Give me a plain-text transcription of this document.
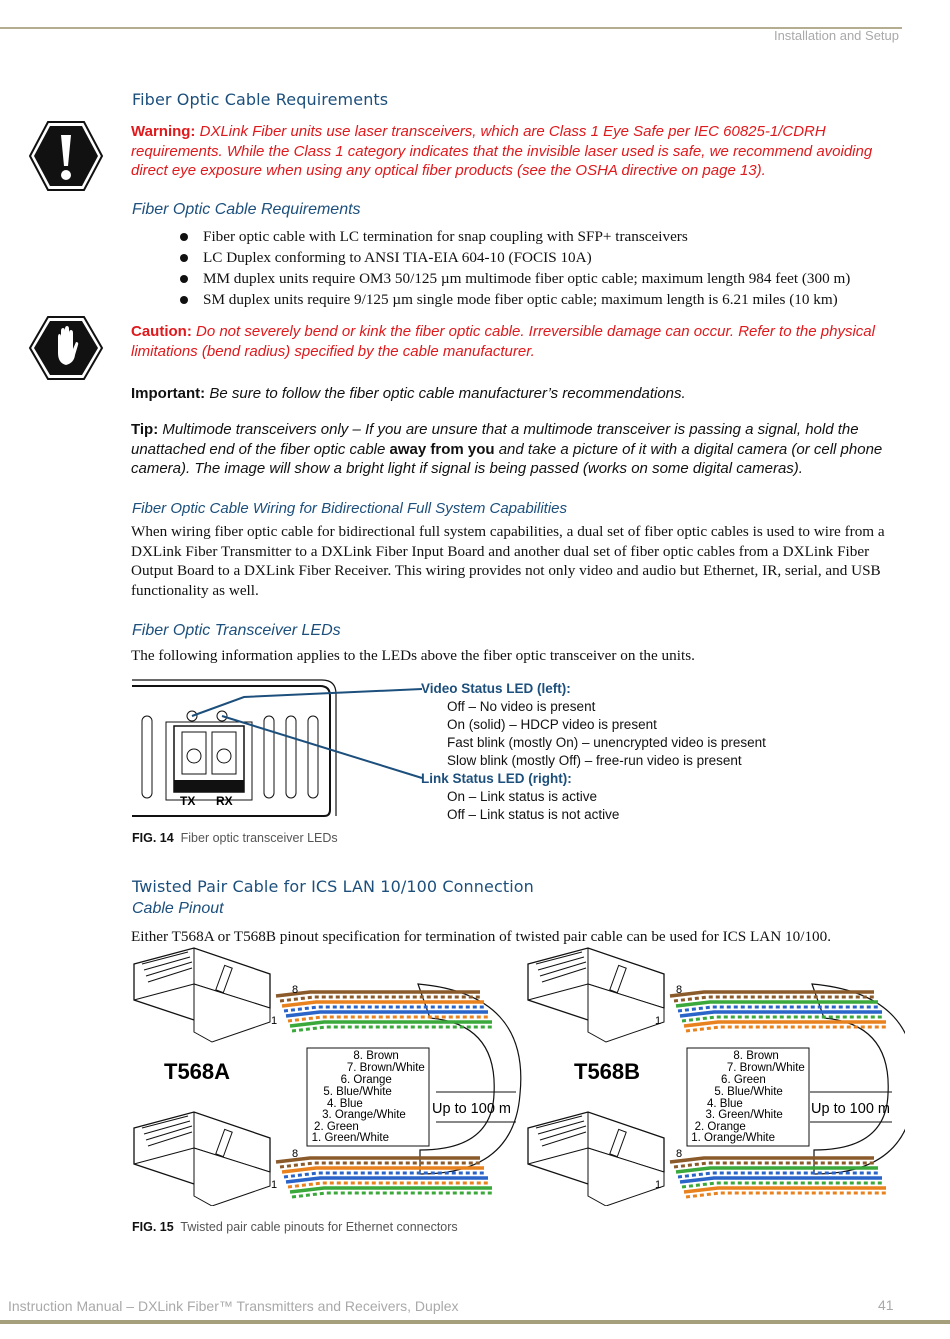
Installation and Setup
Fiber Optic Cable Requirements
Warning: DXLink Fiber units use laser transceivers, which are Class 1 Eye Safe per IEC 60825-1/CDRH requirements. While the Class 1 category indicates that the invisible laser used is safe, we recommend avoiding direct eye exposure when using any optical fiber products (see the OSHA directive on page 13).
Fiber Optic Cable Requirements
Fiber optic cable with LC termination for snap coupling with SFP+ transceivers
LC Duplex conforming to ANSI TIA-EIA 604-10 (FOCIS 10A)
MM duplex units require OM3 50/125 µm multimode fiber optic cable; maximum length 984 feet (300 m)
SM duplex units require 9/125 µm single mode fiber optic cable; maximum length is 6.21 miles (10 km)
Caution: Do not severely bend or kink the fiber optic cable. Irreversible damage can occur. Refer to the physical limitations (bend radius) specified by the cable manufacturer.
Important: Be sure to follow the fiber optic cable manufacturer’s recommendations.
Tip: Multimode transceivers only – If you are unsure that a multimode transceiver is passing a signal, hold the unattached end of the fiber optic cable away from you and take a picture of it with a digital camera (or cell phone camera). The image will show a bright light if signal is being passed (works on some digital cameras).
Fiber Optic Cable Wiring for Bidirectional Full System Capabilities
When wiring fiber optic cable for bidirectional full system capabilities, a dual set of fiber optic cables is used to wire from a DXLink Fiber Transmitter to a DXLink Fiber Input Board and another dual set of fiber optic cables from a DXLink Fiber Output Board to a DXLink Fiber Receiver. This wiring provides not only video and audio but Ethernet, IR, serial, and USB functionality as well.
Fiber Optic Transceiver LEDs
The following information applies to the LEDs above the fiber optic transceiver on the units.
TX RX
Video Status LED (left):
Off – No video is present
On (solid) – HDCP video is present
Fast blink (mostly On) – unencrypted video is present
Slow blink (mostly Off) – free-run video is present
Link Status LED (right):
On – Link status is active
Off – Link status is not active
FIG. 14 Fiber optic transceiver LEDs
Twisted Pair Cable for ICS LAN 10/100 Connection
Cable Pinout
Either T568A or T568B pinout specification for termination of twisted pair cable can be used for ICS LAN 10/100.
8
1
8
1
T568A
8. Brown 7. Brown/White 6. Orange 5. Blue/White 4. Blue 3. Orange/White 2. Green 1. Green/White
Up to 100 m
8
1
8
1
T568B
8. Brown 7. Brown/White 6. Green 5. Blue/White 4. Blue 3. Green/White 2. Orange 1. Orange/White
Up to 100 m
FIG. 15 Twisted pair cable pinouts for Ethernet connectors
Instruction Manual – DXLink Fiber™ Transmitters and Receivers, Duplex	41
